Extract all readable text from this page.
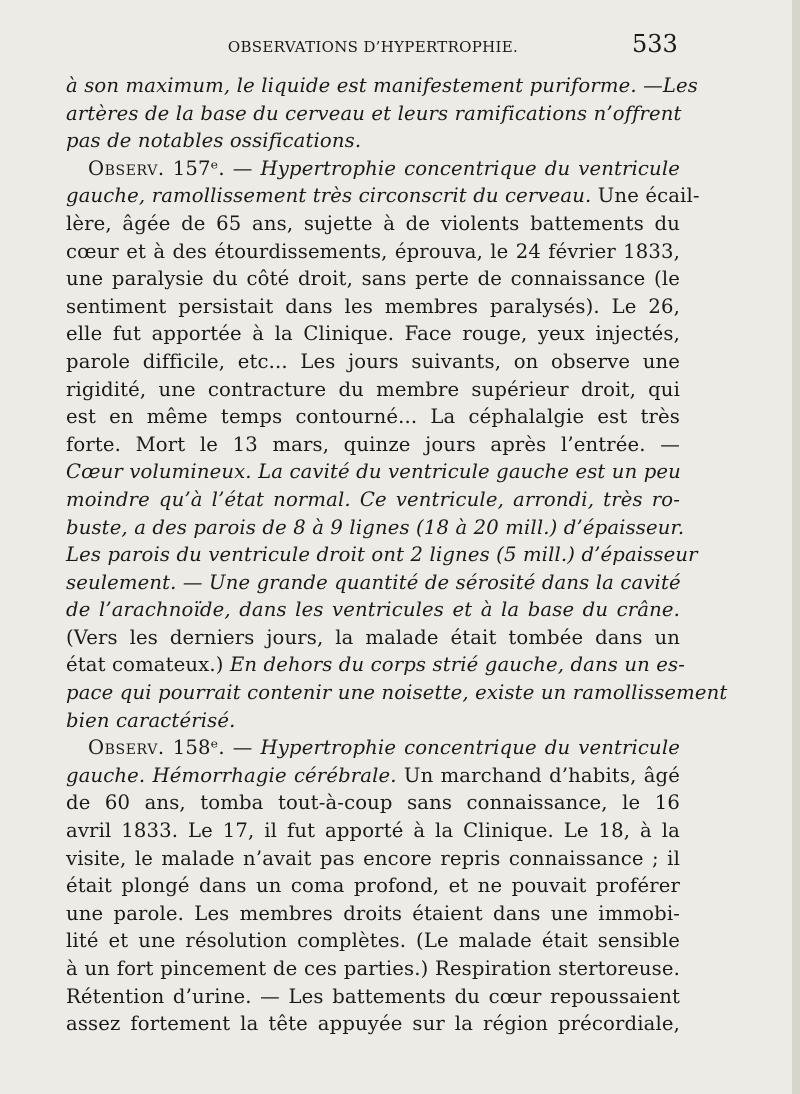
OBSERVATIONS D’HYPERTROPHIE.	533
à son maximum, le liquide est manifestement puriforme. —Les
artères de la base du cerveau et leurs ramifications n’offrent
pas de notables ossifications.
Observ. 157ᵉ. — Hypertrophie concentrique du ventricule
gauche, ramollissement très circonscrit du cerveau. Une écail-
lère, âgée de 65 ans, sujette à de violents battements du
cœur et à des étourdissements, éprouva, le 24 février 1833,
une paralysie du côté droit, sans perte de connaissance (le
sentiment persistait dans les membres paralysés). Le 26,
elle fut apportée à la Clinique. Face rouge, yeux injectés,
parole difficile, etc... Les jours suivants, on observe une
rigidité, une contracture du membre supérieur droit, qui
est en même temps contourné... La céphalalgie est très
forte. Mort le 13 mars, quinze jours après l’entrée. —
Cœur volumineux. La cavité du ventricule gauche est un peu
moindre qu’à l’état normal. Ce ventricule, arrondi, très ro-
buste, a des parois de 8 à 9 lignes (18 à 20 mill.) d’épaisseur.
Les parois du ventricule droit ont 2 lignes (5 mill.) d’épaisseur
seulement. — Une grande quantité de sérosité dans la cavité
de l’arachnoïde, dans les ventricules et à la base du crâne.
(Vers les derniers jours, la malade était tombée dans un
état comateux.) En dehors du corps strié gauche, dans un es-
pace qui pourrait contenir une noisette, existe un ramollissement
bien caractérisé.
Observ. 158ᵉ. — Hypertrophie concentrique du ventricule
gauche. Hémorrhagie cérébrale. Un marchand d’habits, âgé
de 60 ans, tomba tout-à-coup sans connaissance, le 16
avril 1833. Le 17, il fut apporté à la Clinique. Le 18, à la
visite, le malade n’avait pas encore repris connaissance ; il
était plongé dans un coma profond, et ne pouvait proférer
une parole. Les membres droits étaient dans une immobi-
lité et une résolution complètes. (Le malade était sensible
à un fort pincement de ces parties.) Respiration stertoreuse.
Rétention d’urine. — Les battements du cœur repoussaient
assez fortement la tête appuyée sur la région précordiale,
